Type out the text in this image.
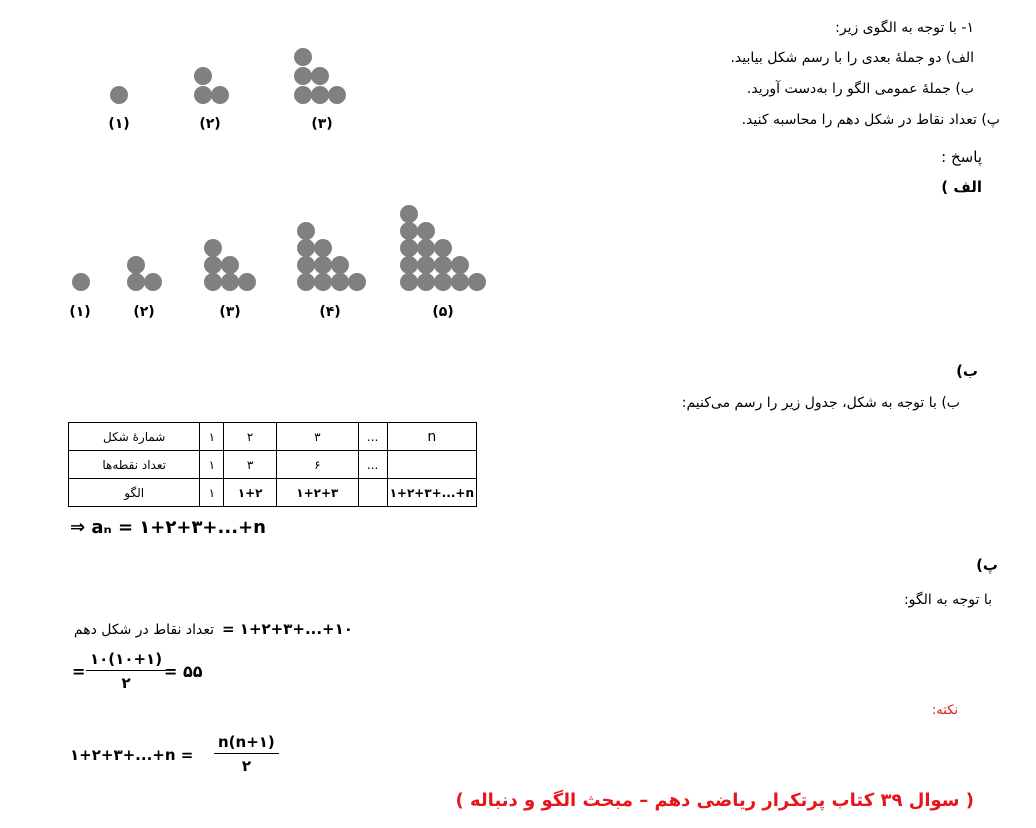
۱- با توجه به الگوی زیر:
الف) دو جملهٔ بعدی را با رسم شکل بیابید.
ب) جملهٔ عمومی الگو را به‌دست آورید.
پ) تعداد نقاط در شکل دهم را محاسبه کنید.
(۱)	(۲)	(۳)
پاسخ :
الف )
(۱)	(۲)	(۳)	(۴)	(۵)
ب)
ب) با توجه به شکل، جدول زیر را رسم می‌کنیم:
شمارهٔ شکل	۱	۲	۳	...	n
تعداد نقطه‌ها	۱	۳	۶	...	
الگو	۱	۱+۲	۱+۲+۳		۱+۲+۳+...+n
⇒ aₙ = ۱+۲+۳+...+n
پ)
با توجه به الگو:
تعداد نقاط در شکل دهم = ۱+۲+۳+...+۱۰
=
۱۰(۱۰+۱)
۲
= ۵۵
نکته:
۱+۲+۳+...+n =
n(n+۱)
۲
( سوال ۳۹ کتاب پرتکرار ریاضی دهم – مبحث الگو و دنباله )
